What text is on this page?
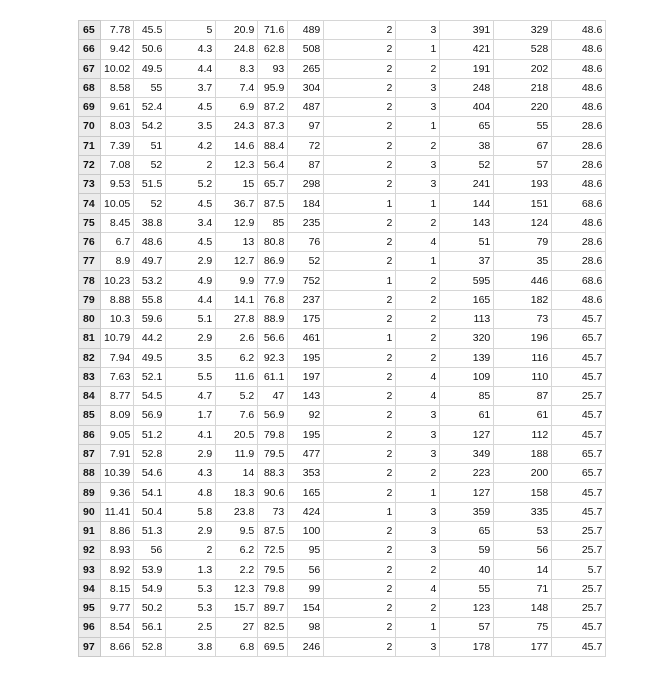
65	7.78	45.5	5	20.9	71.6	489	2	3	391	329	48.6
66	9.42	50.6	4.3	24.8	62.8	508	2	1	421	528	48.6
67	10.02	49.5	4.4	8.3	93	265	2	2	191	202	48.6
68	8.58	55	3.7	7.4	95.9	304	2	3	248	218	48.6
69	9.61	52.4	4.5	6.9	87.2	487	2	3	404	220	48.6
70	8.03	54.2	3.5	24.3	87.3	97	2	1	65	55	28.6
71	7.39	51	4.2	14.6	88.4	72	2	2	38	67	28.6
72	7.08	52	2	12.3	56.4	87	2	3	52	57	28.6
73	9.53	51.5	5.2	15	65.7	298	2	3	241	193	48.6
74	10.05	52	4.5	36.7	87.5	184	1	1	144	151	68.6
75	8.45	38.8	3.4	12.9	85	235	2	2	143	124	48.6
76	6.7	48.6	4.5	13	80.8	76	2	4	51	79	28.6
77	8.9	49.7	2.9	12.7	86.9	52	2	1	37	35	28.6
78	10.23	53.2	4.9	9.9	77.9	752	1	2	595	446	68.6
79	8.88	55.8	4.4	14.1	76.8	237	2	2	165	182	48.6
80	10.3	59.6	5.1	27.8	88.9	175	2	2	113	73	45.7
81	10.79	44.2	2.9	2.6	56.6	461	1	2	320	196	65.7
82	7.94	49.5	3.5	6.2	92.3	195	2	2	139	116	45.7
83	7.63	52.1	5.5	11.6	61.1	197	2	4	109	110	45.7
84	8.77	54.5	4.7	5.2	47	143	2	4	85	87	25.7
85	8.09	56.9	1.7	7.6	56.9	92	2	3	61	61	45.7
86	9.05	51.2	4.1	20.5	79.8	195	2	3	127	112	45.7
87	7.91	52.8	2.9	11.9	79.5	477	2	3	349	188	65.7
88	10.39	54.6	4.3	14	88.3	353	2	2	223	200	65.7
89	9.36	54.1	4.8	18.3	90.6	165	2	1	127	158	45.7
90	11.41	50.4	5.8	23.8	73	424	1	3	359	335	45.7
91	8.86	51.3	2.9	9.5	87.5	100	2	3	65	53	25.7
92	8.93	56	2	6.2	72.5	95	2	3	59	56	25.7
93	8.92	53.9	1.3	2.2	79.5	56	2	2	40	14	5.7
94	8.15	54.9	5.3	12.3	79.8	99	2	4	55	71	25.7
95	9.77	50.2	5.3	15.7	89.7	154	2	2	123	148	25.7
96	8.54	56.1	2.5	27	82.5	98	2	1	57	75	45.7
97	8.66	52.8	3.8	6.8	69.5	246	2	3	178	177	45.7
